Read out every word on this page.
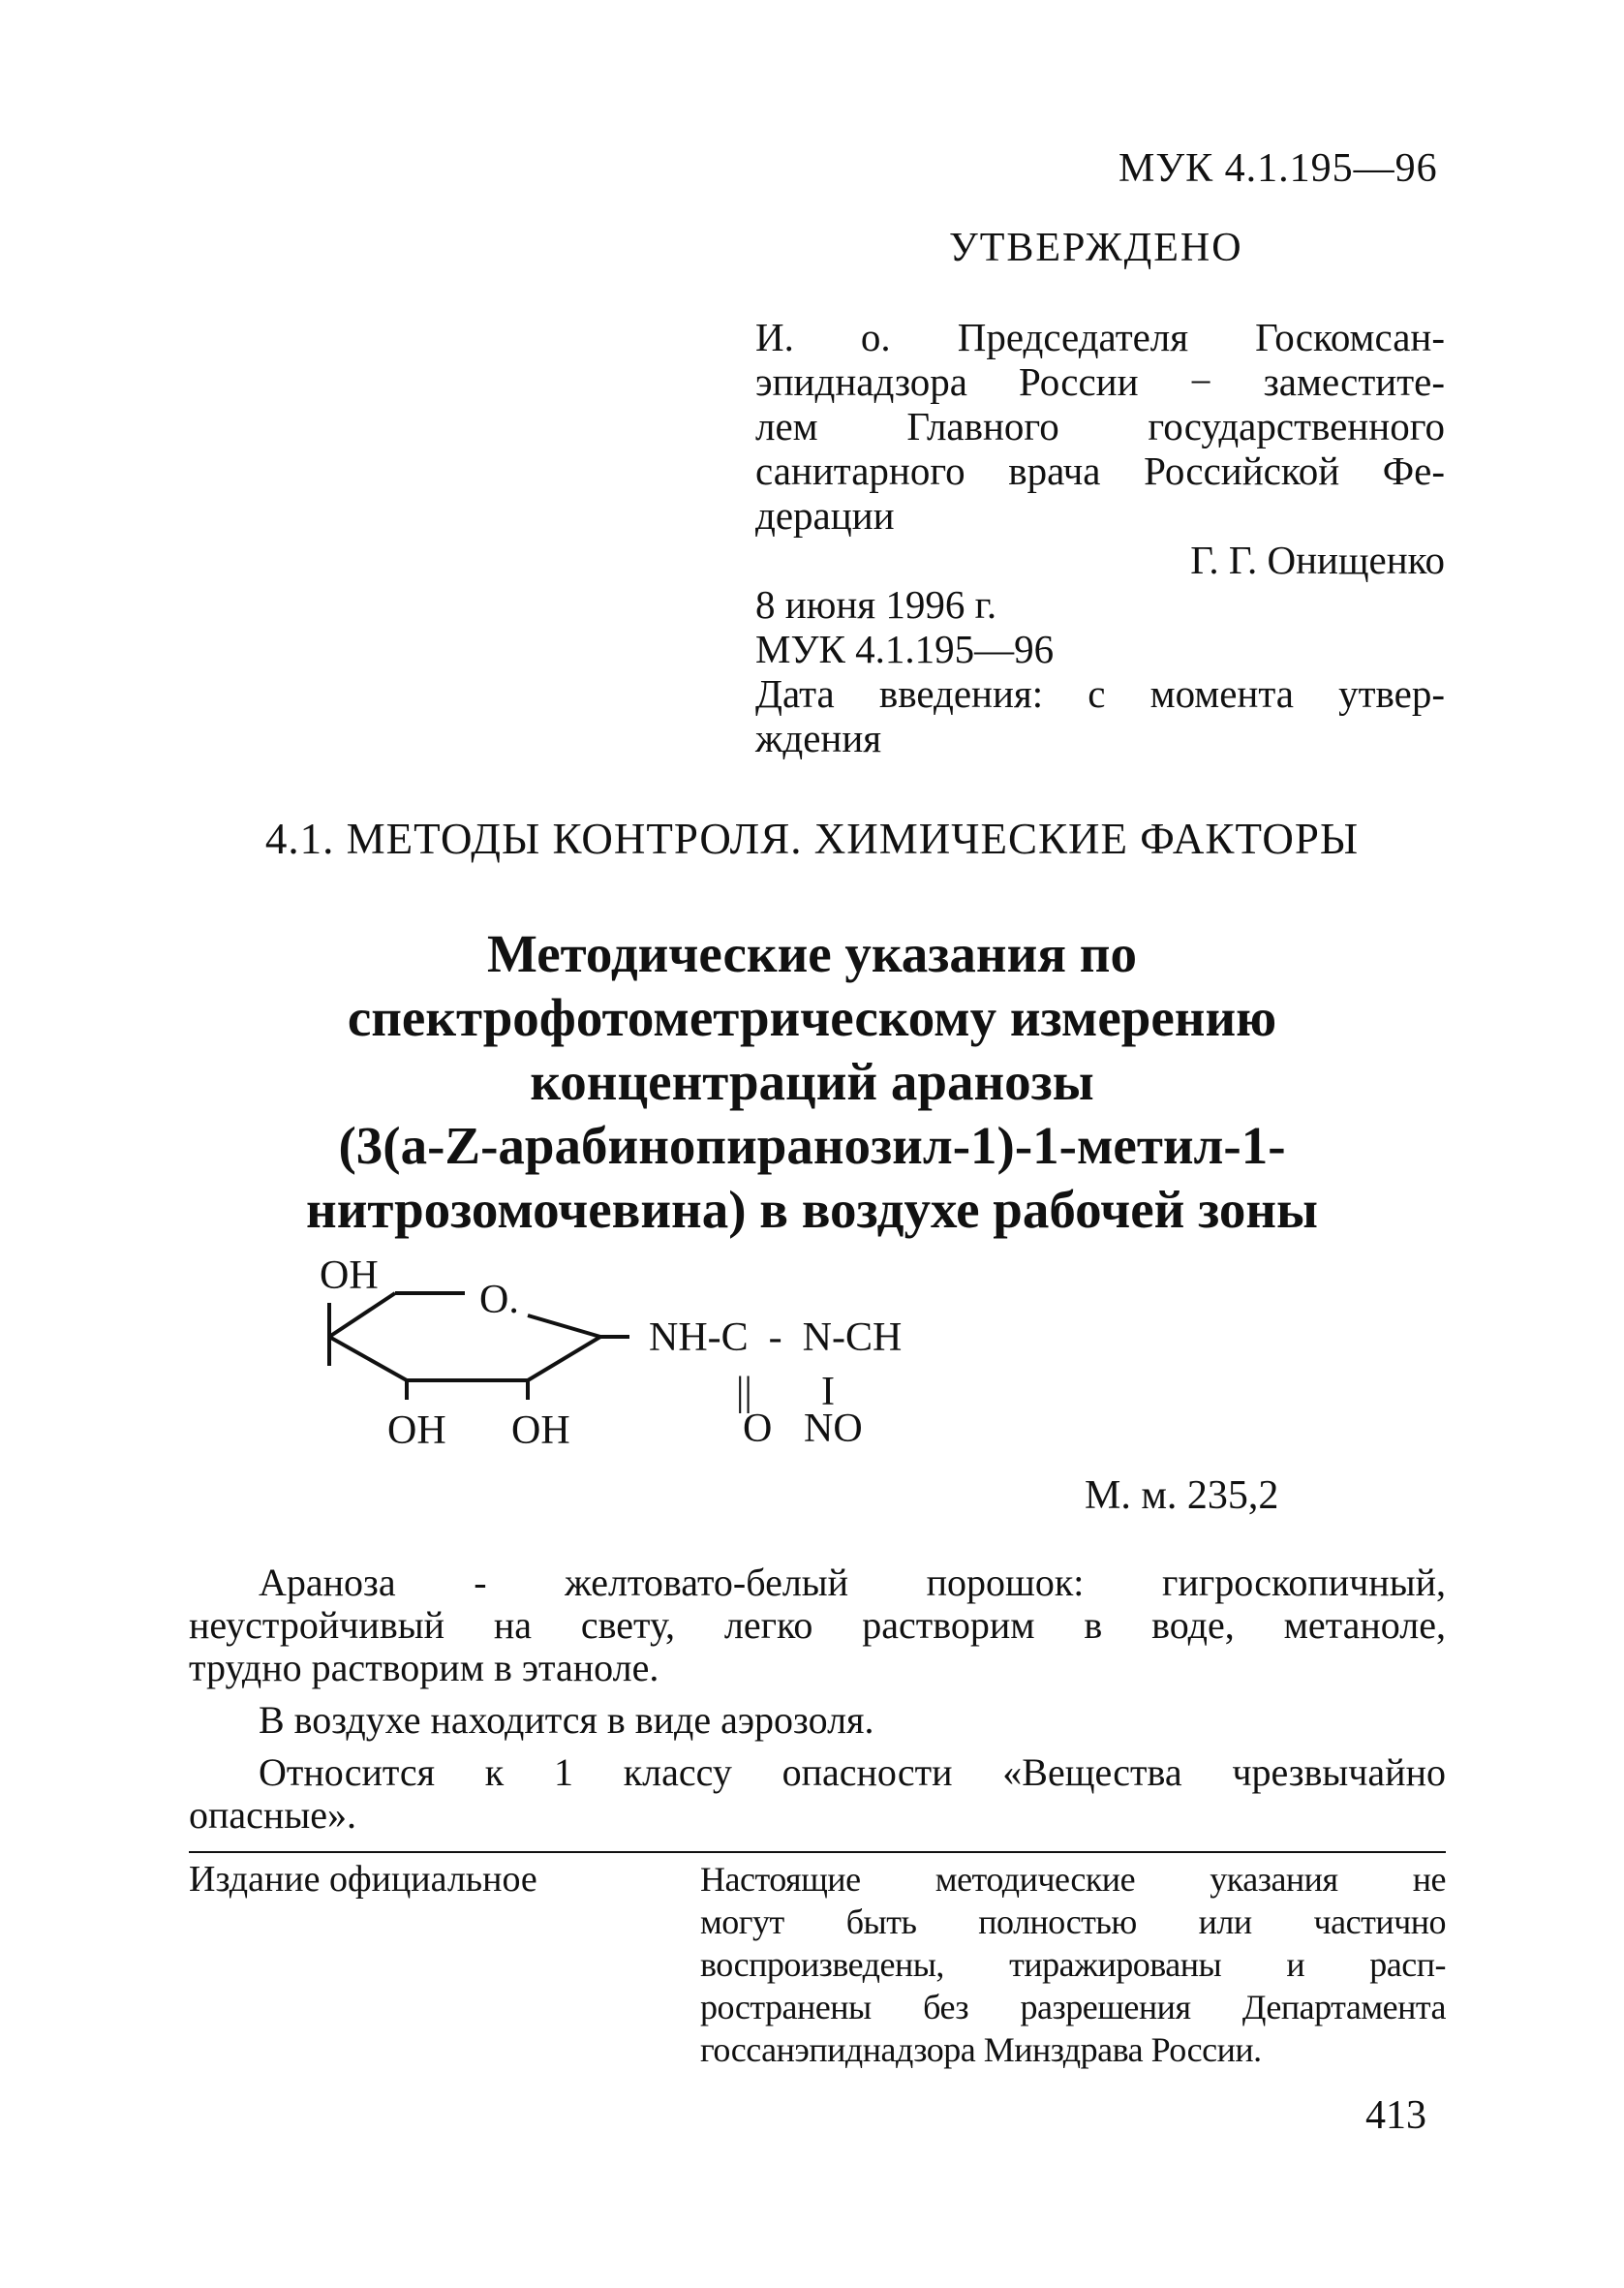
МУК 4.1.195—96
УТВЕРЖДЕНО
И. о. Председателя Госкомсан-
эпиднадзора России − заместите-
лем Главного государственного
санитарного врача Российской Фе-
дерации
Г. Г. Онищенко
8 июня 1996 г.
МУК 4.1.195—96
Дата введения: с момента утвер-
ждения
4.1. МЕТОДЫ КОНТРОЛЯ. ХИМИЧЕСКИЕ ФАКТОРЫ
Методические указания по
спектрофотометрическому измерению
концентраций аранозы
(3(а-Z-арабинопиранозил-1)-1-метил-1-
нитрозомочевина) в воздухе рабочей зоны
OH
O.
OH OH
NH-C  -  N-CH
|| I
O NO
М. м. 235,2

Араноза - желтовато-белый порошок: гигроскопичный,

неустройчивый на свету, легко растворим в воде, метаноле,

трудно растворим в этаноле.

В воздухе находится в виде аэрозоля.

Относится к 1 классу опасности «Вещества чрезвычайно

опасные».

Издание официальное	Настоящие методические указания не
могут быть полностью или частично
воспроизведены, тиражированы и расп-
ространены без разрешения Департамента
госсанэпиднадзора Минздрава России.
413
